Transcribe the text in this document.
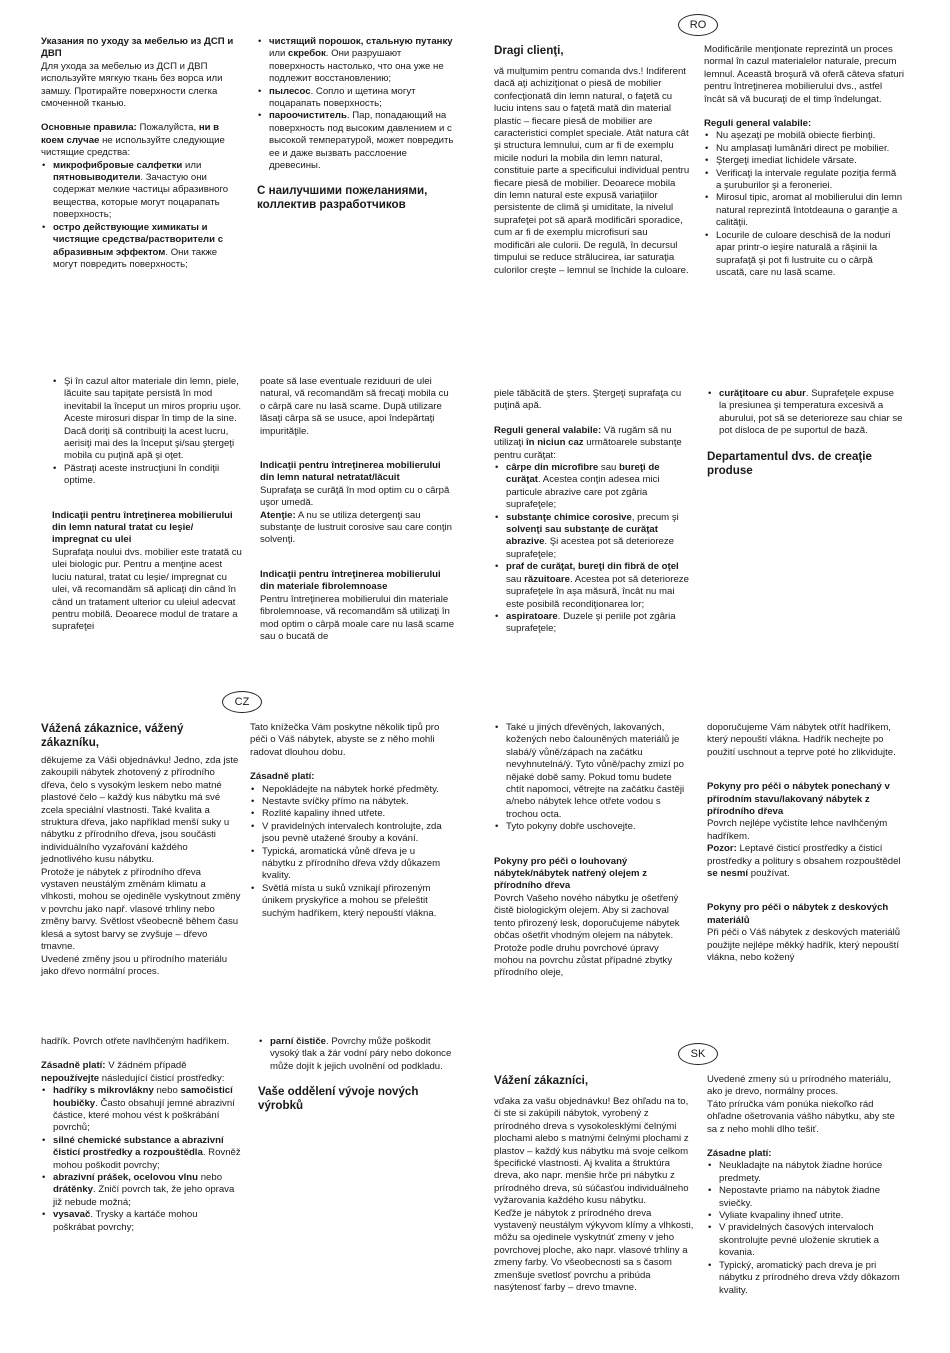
RO
CZ
SK

Указания по уходу за мебелью из ДСП и ДВП

Для ухода за мебелью из ДСП и ДВП используйте мягкую ткань без ворса или замшу. Протирайте поверхности слегка смоченной тканью.

Основные правила: Пожалуйста, ни в коем случае не используйте следующие чистящие средства:

• микрофибровые салфетки или пятновыводители. Зачастую они содержат мелкие частицы абразивного вещества, которые могут поцарапать поверхность;
• остро действующие химикаты и чистящие средства/растворители с абразивным эффектом. Они также могут повредить поверхность;
• чистящий порошок, стальную путанку или скребок. Они разрушают поверхность настолько, что она уже не подлежит восстановлению;
• пылесос. Сопло и щетина могут поцарапать поверхность;
• пароочиститель. Пар, попадающий на поверхность под высоким давлением и с высокой температурой, может повредить ее и даже вызвать расслоение древесины.

С наилучшими пожеланиями, коллектив разработчиков

Dragi clienţi,

vă mulţumim pentru comanda dvs.! Indiferent dacă aţi achiziţionat o piesă de mobilier confecţionată din lemn natural, o faţetă cu luciu intens sau o faţetă mată din material plastic – fiecare piesă de mobilier are caracteristici complet speciale. Atât natura cât şi structura lemnului, cum ar fi de exemplu micile noduri la mobila din lemn natural, constituie parte a specificului individual pentru fiecare piesă de mobilier. Deoarece mobila din lemn natural este expusă variaţiilor persistente de climă şi umiditate, la nivelul suprafeţei pot să apară modificări sporadice, cum ar fi de exemplu microfisuri sau modificări ale culorii. De regulă, în decursul timpului se reduce strălucirea, iar saturaţia culorilor creşte – lemnul se închide la culoare.

Modificările menţionate reprezintă un proces normal în cazul materialelor naturale, precum lemnul. Această broşură vă oferă câteva sfaturi pentru întreţinerea mobilierului dvs., astfel încât să vă bucuraţi de el timp îndelungat.

Reguli general valabile:

• Nu aşezaţi pe mobilă obiecte fierbinţi.
• Nu amplasaţi lumânări direct pe mobilier.
• Ştergeţi imediat lichidele vărsate.
• Verificaţi la intervale regulate poziţia fermă a şuruburilor şi a feroneriei.
• Mirosul tipic, aromat al mobilierului din lemn natural reprezintă întotdeauna o garanţie a calităţii.
• Locurile de culoare deschisă de la noduri apar printr-o ieşire naturală a răşinii la suprafaţă şi pot fi lustruite cu o cârpă uscată, care nu lasă scame.
• Şi în cazul altor materiale din lemn, piele, lăcuite sau tapiţate persistă în mod inevitabil la început un miros propriu uşor. Aceste mirosuri dispar în timp de la sine. Dacă doriţi să contribuiţi la acest lucru, aerisiţi mai des la început şi/sau ştergeţi mobila cu puţină apă şi oţet.
• Păstraţi aceste instrucţiuni în condiţii optime.

Indicaţii pentru întreţinerea mobilierului din lemn natural tratat cu leşie/ impregnat cu ulei

Suprafaţa noului dvs. mobilier este tratată cu ulei biologic pur. Pentru a menţine acest luciu natural, tratat cu leşie/ impregnat cu ulei, vă recomandăm să aplicaţi din când în când un tratament ulterior cu uleiul adecvat pentru mobilă. Deoarece modul de tratare a suprafeţei

poate să lase eventuale reziduuri de ulei natural, vă recomandăm să frecaţi mobila cu o cârpă care nu lasă scame. După utilizare lăsaţi cârpa să se usuce, apoi îndepărtaţi impurităţile.

Indicaţii pentru întreţinerea mobilierului din lemn natural netratat/lăcuit

Suprafaţa se curăţă în mod optim cu o cârpă uşor umedă.

Atenţie: A nu se utiliza detergenţi sau substanţe de lustruit corosive sau care conţin solvenţi.

Indicaţii pentru întreţinerea mobilierului din materiale fibrolemnoase

Pentru întreţinerea mobilierului din materiale fibrolemnoase, vă recomandăm să utilizaţi în mod optim o cârpă moale care nu lasă scame sau o bucată de

piele tăbăcită de şters. Ştergeţi suprafaţa cu puţină apă.

Reguli general valabile: Vă rugăm să nu utilizaţi în niciun caz următoarele substanţe pentru curăţat:

• cârpe din microfibre sau bureţi de curăţat. Acestea conţin adesea mici particule abrazive care pot zgâria suprafeţele;
• substanţe chimice corosive, precum şi solvenţi sau substanţe de curăţat abrazive. Şi acestea pot să deterioreze suprafeţele;
• praf de curăţat, bureţi din fibră de oţel sau răzuitoare. Acestea pot să deterioreze suprafeţele în aşa măsură, încât nu mai este posibilă recondiţionarea lor;
• aspiratoare. Duzele şi periile pot zgâria suprafeţele;
• curăţitoare cu abur. Suprafeţele expuse la presiunea şi temperatura excesivă a aburului, pot să se deterioreze sau chiar se pot disloca de pe suportul de bază.

Departamentul dvs. de creaţie produse

Vážená zákaznice, vážený zákazníku,

děkujeme za Váši objednávku! Jedno, zda jste zakoupili nábytek zhotovený z přírodního dřeva, čelo s vysokým leskem nebo matné plastové čelo – každý kus nábytku má své zcela speciální vlastnosti. Také kvalita a struktura dřeva, jako například menší suky u nábytku z přírodního dřeva, jsou součásti individuálního vyzařování každého jednotlivého kusu nábytku.

Protože je nábytek z přírodního dřeva vystaven neustálým změnám klimatu a vlhkosti, mohou se ojediněle vyskytnout změny v povrchu jako např. vlasové trhliny nebo změny barvy. Světlost všeobecně během času klesá a sytost barvy se zvyšuje – dřevo tmavne.

Uvedené změny jsou u přírodního materiálu jako dřevo normální proces.

Tato knížečka Vám poskytne několik tipů pro péči o Váš nábytek, abyste se z něho mohli radovat dlouhou dobu.

Zásadně platí:

• Nepokládejte na nábytek horké předměty.
• Nestavte svíčky přímo na nábytek.
• Rozlité kapaliny ihned utřete.
• V pravidelných intervalech kontrolujte, zda jsou pevně utažené šrouby a kování.
• Typická, aromatická vůně dřeva je u nábytku z přírodního dřeva vždy důkazem kvality.
• Světlá místa u suků vznikají přirozeným únikem pryskyřice a mohou se přeleštit suchým hadříkem, který nepouští vlákna.
• Také u jiných dřevěných, lakovaných, kožených nebo čalouněných materiálů je slabá/ý vůně/zápach na začátku nevyhnutelná/ý. Tyto vůně/pachy zmizí po nějaké době samy. Pokud tomu budete chtít napomoci, větrejte na začátku častěji a/nebo nábytek lehce otřete vodou s trochou octa.
• Tyto pokyny dobře uschovejte.

Pokyny pro péči o louhovaný nábytek/nábytek natřený olejem z přírodního dřeva

Povrch Vašeho nového nábytku je ošetřený čistě biologickým olejem. Aby si zachoval tento přirozený lesk, doporučujeme nábytek občas ošetřit vhodným olejem na nábytek. Protože podle druhu povrchové úpravy mohou na povrchu zůstat případné zbytky přírodního oleje,

doporučujeme Vám nábytek otřít hadříkem, který nepouští vlákna. Hadřík nechejte po použití uschnout a teprve poté ho zlikvidujte.

Pokyny pro péči o nábytek ponechaný v přírodním stavu/lakovaný nábytek z přírodního dřeva

Povrch nejlépe vyčistíte lehce navlhčeným hadříkem.

Pozor: Leptavé čisticí prostředky a čisticí prostředky a politury s obsahem rozpouštědel se nesmí používat.

Pokyny pro péči o nábytek z deskových materiálů

Při péči o Váš nábytek z deskových materiálů použijte nejlépe měkký hadřík, který nepouští vlákna, nebo kožený

hadřík. Povrch otřete navlhčeným hadříkem.

Zásadně platí: V žádném případě nepoužívejte následující čisticí prostředky:

• hadříky s mikrovlákny nebo samočisticí houbičky. Často obsahují jemné abrazivní částice, které mohou vést k poškrábání povrchů;
• silné chemické substance a abrazivní čisticí prostředky a rozpouštědla. Rovněž mohou poškodit povrchy;
• abrazivní prášek, ocelovou vlnu nebo drátěnky. Zničí povrch tak, že jeho oprava již nebude možná;
• vysavač. Trysky a kartáče mohou poškrábat povrchy;
• parní čističe. Povrchy může poškodit vysoký tlak a žár vodní páry nebo dokonce může dojít k jejich uvolnění od podkladu.

Vaše oddělení vývoje nových výrobků

Vážení zákazníci,

vďaka za vašu objednávku! Bez ohľadu na to, či ste si zakúpili nábytok, vyrobený z prírodného dreva s vysokolesklými čelnými plochami alebo s matnými čelnými plochami z plastov – každý kus nábytku má svoje celkom špecifické vlastnosti. Aj kvalita a štruktúra dreva, ako napr. menšie hrče pri nábytku z prírodného dreva, sú súčasťou individuálneho vyžarovania každého kusu nábytku.

Keďže je nábytok z prírodného dreva vystavený neustálym výkyvom klímy a vlhkosti, môžu sa ojedinele vyskytnúť zmeny v jeho povrchovej ploche, ako napr. vlasové trhliny a zmeny farby. Vo všeobecnosti sa s časom zmenšuje svetlosť povrchu a pribúda nasýtenosť farby – drevo tmavne.

Uvedené zmeny sú u prírodného materiálu, ako je drevo, normálny proces.

Táto príručka vám ponúka niekoľko rád ohľadne ošetrovania vášho nábytku, aby ste sa z neho mohli dlho tešiť.

Zásadne platí:

• Neukladajte na nábytok žiadne horúce predmety.
• Nepostavte priamo na nábytok žiadne sviečky.
• Vyliate kvapaliny ihneď utrite.
• V pravidelných časových intervaloch skontrolujte pevné uloženie skrutiek a kovania.
• Typický, aromatický pach dreva je pri nábytku z prírodného dreva vždy dôkazom kvality.
